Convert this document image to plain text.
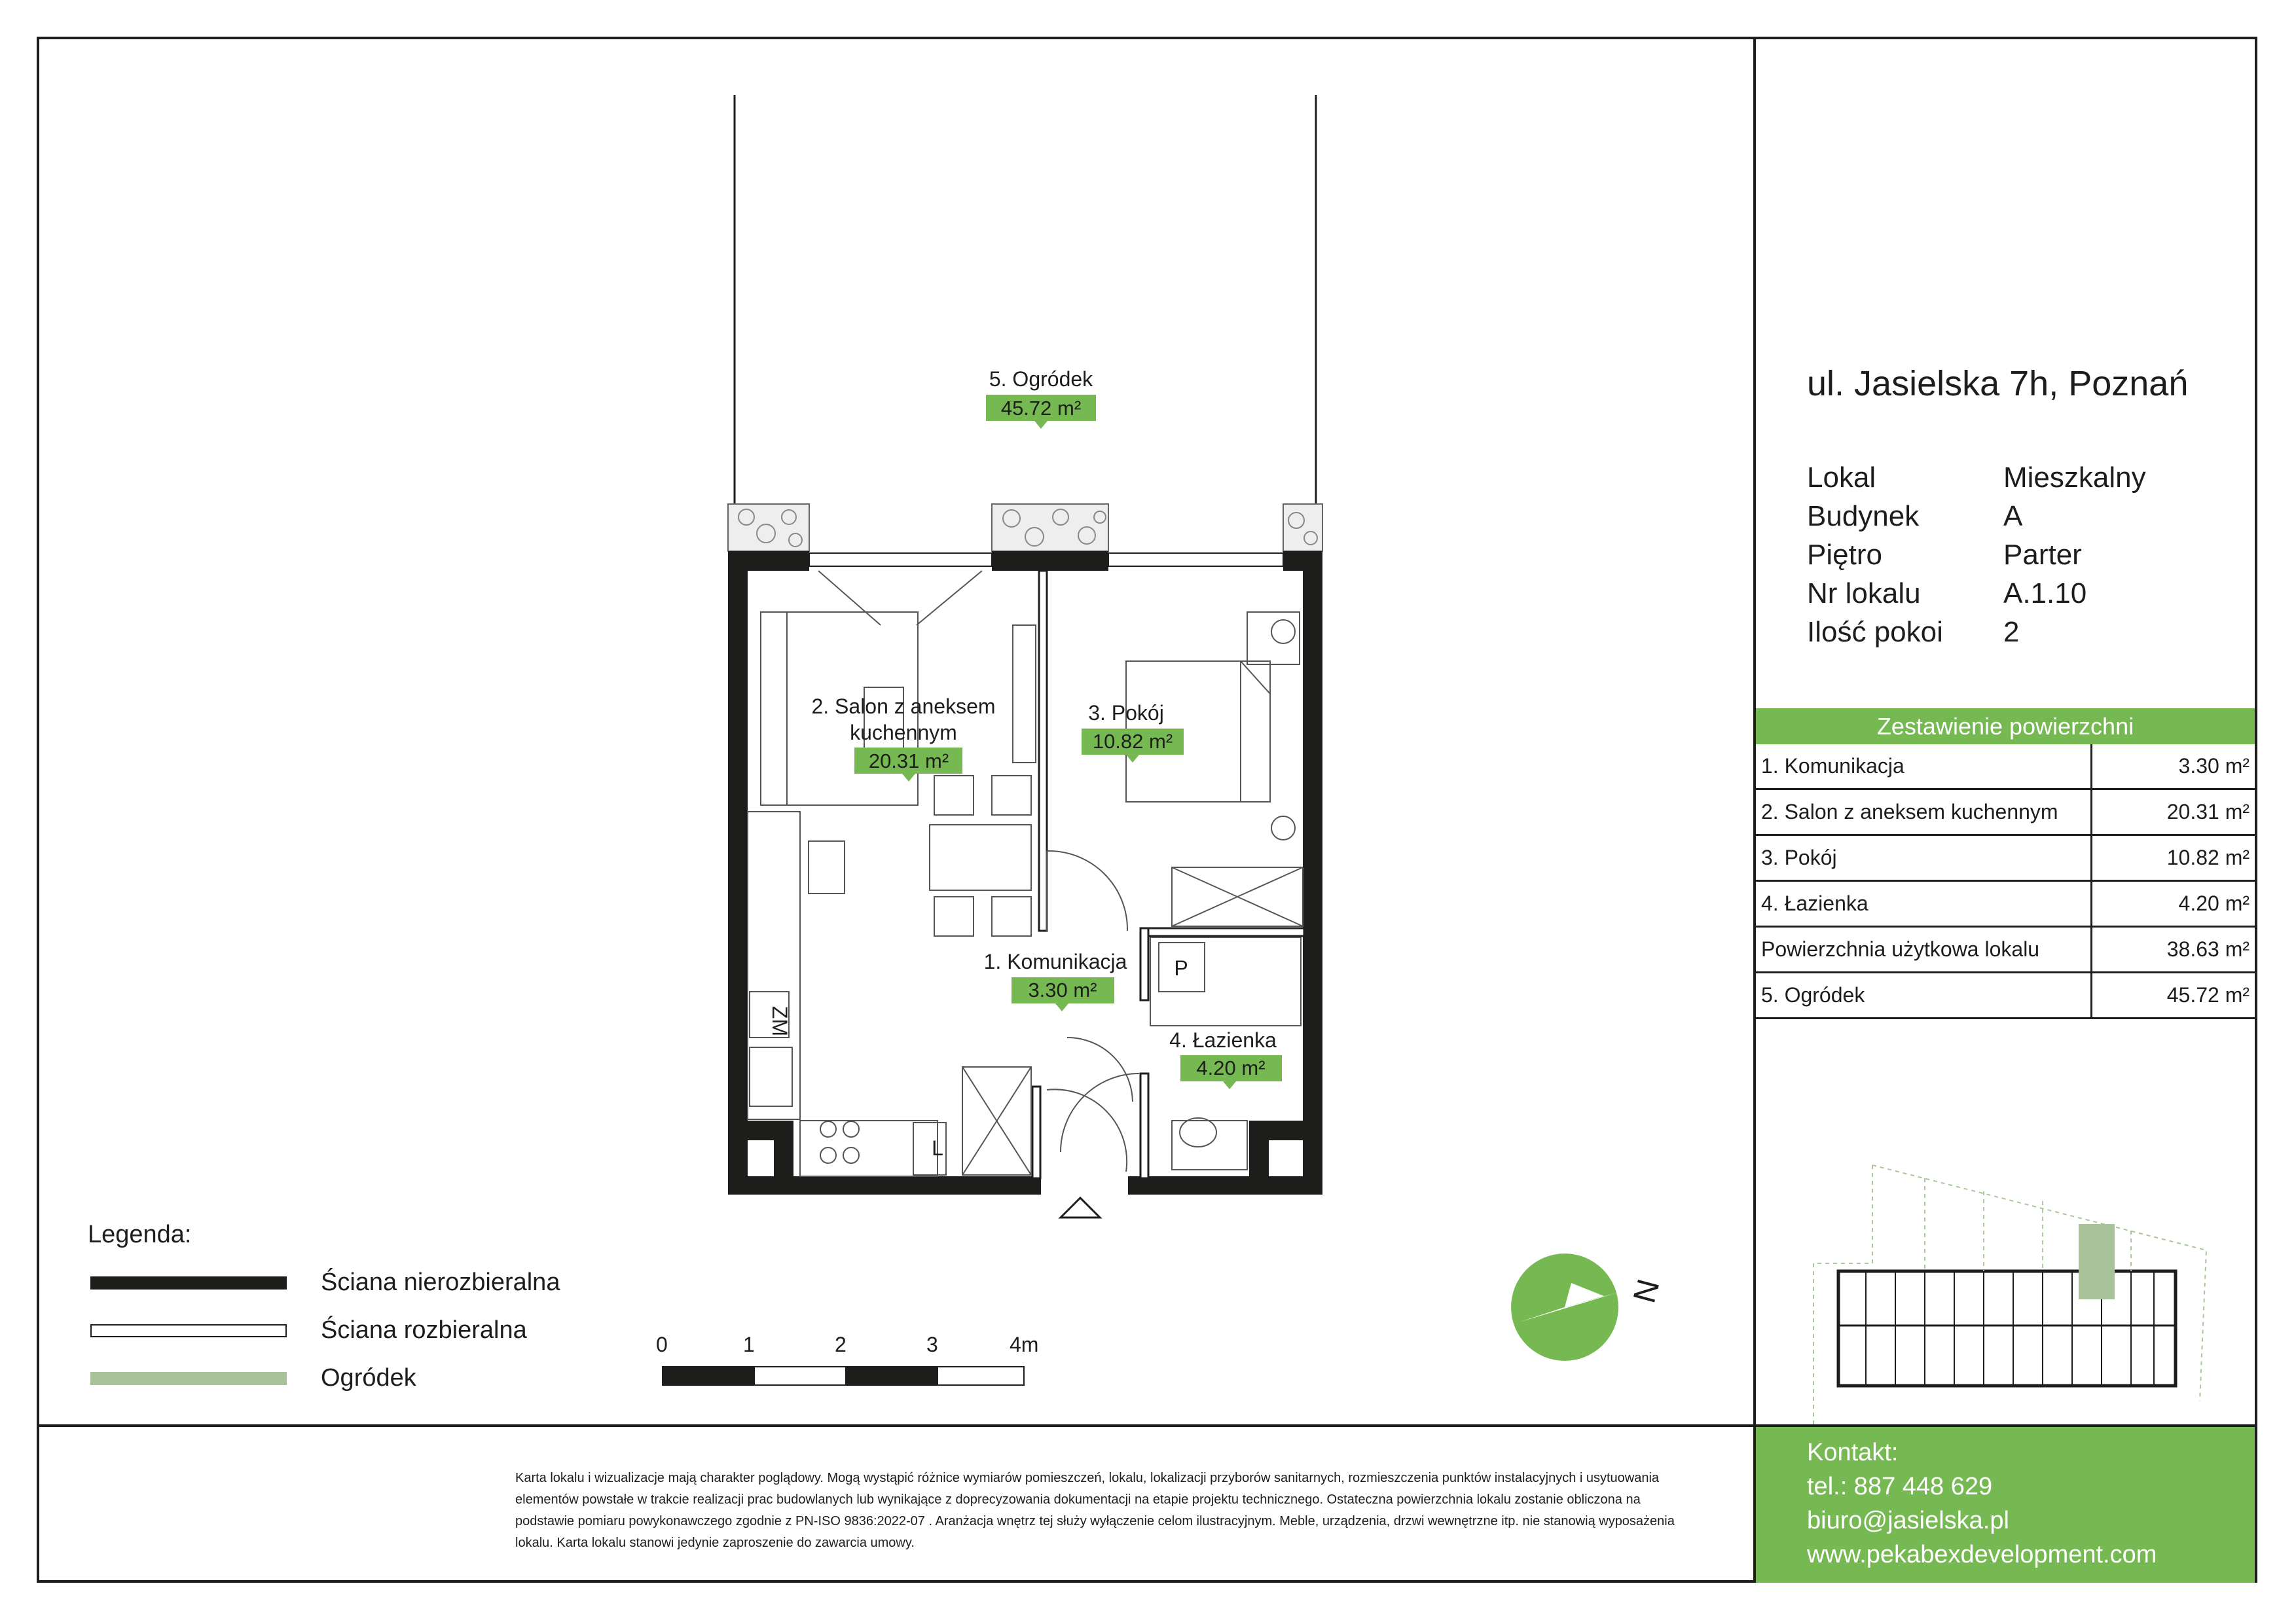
5. Ogródek
45.72 m²
2. Salon z aneksem
kuchennym
20.31 m²
3. Pokój
10.82 m²
1. Komunikacja
3.30 m²
4. Łazienka
4.20 m²
P
L
ZM
N
ul. Jasielska 7h, Poznań
Lokal	Mieszkalny
Budynek	A
Piętro	Parter
Nr lokalu	A.1.10
Ilość pokoi	2
Zestawienie powierzchni
1. Komunikacja	3.30 m²
2. Salon z aneksem kuchennym	20.31 m²
3. Pokój	10.82 m²
4. Łazienka	4.20 m²
Powierzchnia użytkowa lokalu	38.63 m²
5. Ogródek	45.72 m²
Legenda:
Ściana nierozbieralna
Ściana rozbieralna
Ogródek
0	1	2	3	4m
Karta lokalu i wizualizacje mają charakter poglądowy. Mogą wystąpić różnice wymiarów pomieszczeń, lokalu, lokalizacji przyborów sanitarnych, rozmieszczenia punktów instalacyjnych i usytuowania elementów powstałe w trakcie realizacji prac budowlanych lub wynikające z doprecyzowania dokumentacji na etapie projektu technicznego. Ostateczna powierzchnia lokalu zostanie obliczona na podstawie pomiaru powykonawczego zgodnie z PN-ISO 9836:2022-07 . Aranżacja wnętrz tej służy wyłączenie celom ilustracyjnym. Meble, urządzenia, drzwi wewnętrzne itp. nie stanowią wyposażenia lokalu. Karta lokalu stanowi jedynie zaproszenie do zawarcia umowy.
Kontakt:
tel.: 887 448 629
biuro@jasielska.pl
www.pekabexdevelopment.com
